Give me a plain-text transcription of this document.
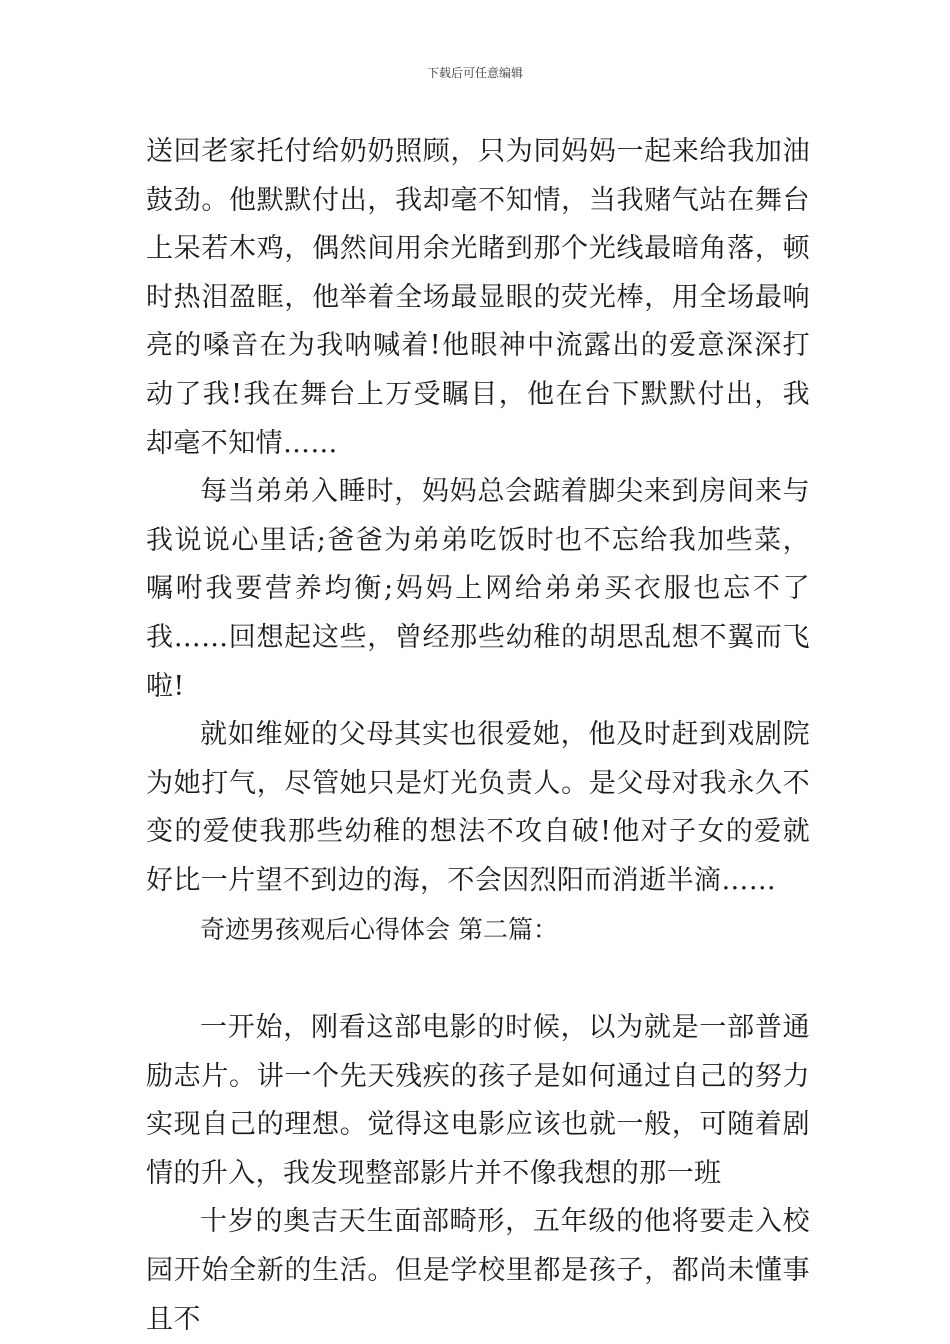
下载后可任意编辑

送回老家托付给奶奶照顾，只为同妈妈一起来给我加油鼓劲。他默默付出，我却毫不知情，当我赌气站在舞台上呆若木鸡，偶然间用余光睹到那个光线最暗角落，顿时热泪盈眶，他举着全场最显眼的荧光棒，用全场最响亮的嗓音在为我呐喊着!他眼神中流露出的爱意深深打动了我!我在舞台上万受瞩目，他在台下默默付出，我却毫不知情……

每当弟弟入睡时，妈妈总会踮着脚尖来到房间来与我说说心里话;爸爸为弟弟吃饭时也不忘给我加些菜，嘱咐我要营养均衡;妈妈上网给弟弟买衣服也忘不了我……回想起这些，曾经那些幼稚的胡思乱想不翼而飞啦!

就如维娅的父母其实也很爱她，他及时赶到戏剧院为她打气，尽管她只是灯光负责人。是父母对我永久不变的爱使我那些幼稚的想法不攻自破!他对子女的爱就好比一片望不到边的海，不会因烈阳而消逝半滴……

奇迹男孩观后心得体会 第二篇：

一开始，刚看这部电影的时候，以为就是一部普通励志片。讲一个先天残疾的孩子是如何通过自己的努力实现自己的理想。觉得这电影应该也就一般，可随着剧情的升入，我发现整部影片并不像我想的那一班

十岁的奥吉天生面部畸形，五年级的他将要走入校园开始全新的生活。但是学校里都是孩子，都尚未懂事且不
